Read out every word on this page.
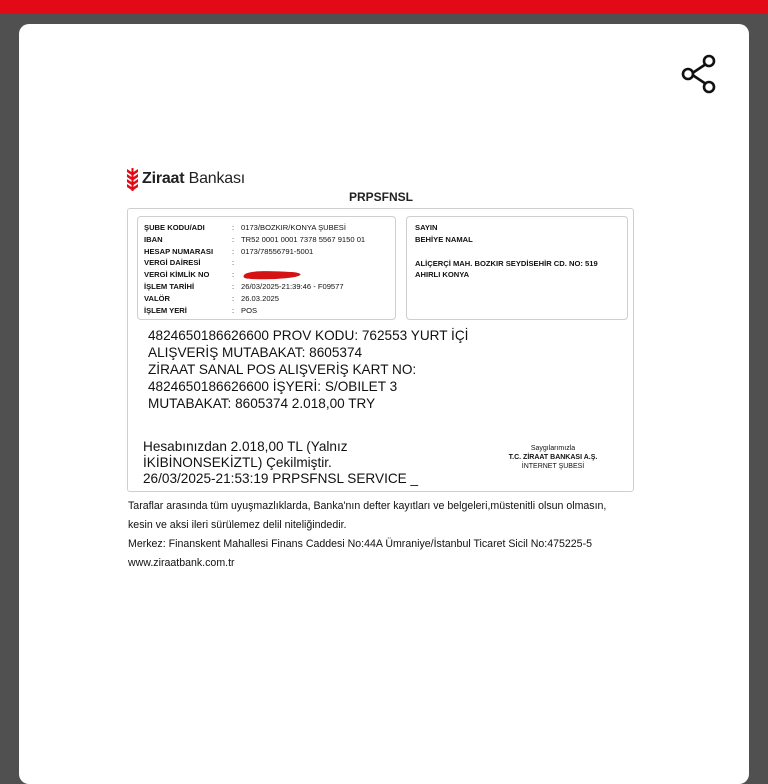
Ziraat Bankası
PRPSFNSL
ŞUBE KODU/ADI	: 0173/BOZKIR/KONYA ŞUBESİ
IBAN	: TR52 0001 0001 7378 5567 9150 01
HESAP NUMARASI : 0173/78556791-5001
VERGİ DAİRESİ	:
VERGİ KİMLİK NO	:
İŞLEM TARİHİ	: 26/03/2025-21:39:46 - F09577
VALÖR	: 26.03.2025
İŞLEM YERİ	: POS
SAYIN
BEHİYE NAMAL
ALİÇERÇİ MAH. BOZKIR SEYDİSEHİR CD. NO: 519
AHIRLI KONYA
4824650186626600 PROV KODU: 762553 YURT İÇİ
ALIŞVERİŞ MUTABAKAT: 8605374
ZİRAAT SANAL POS ALIŞVERİŞ KART NO:
4824650186626600 İŞYERİ: S/OBILET 3
MUTABAKAT: 8605374 2.018,00 TRY
Hesabınızdan 2.018,00 TL (Yalnız
İKİBİNONSEKİZTL) Çekilmiştir.
26/03/2025-21:53:19 PRPSFNSL SERVICE _
Saygılarımızla
T.C. ZİRAAT BANKASI A.Ş.
İNTERNET ŞUBESİ
Taraflar arasında tüm uyuşmazlıklarda, Banka'nın defter kayıtları ve belgeleri,müstenitli olsun olmasın,
kesin ve aksi ileri sürülemez delil niteliğindedir.
Merkez: Finanskent Mahallesi Finans Caddesi No:44A Ümraniye/İstanbul Ticaret Sicil No:475225-5
www.ziraatbank.com.tr
